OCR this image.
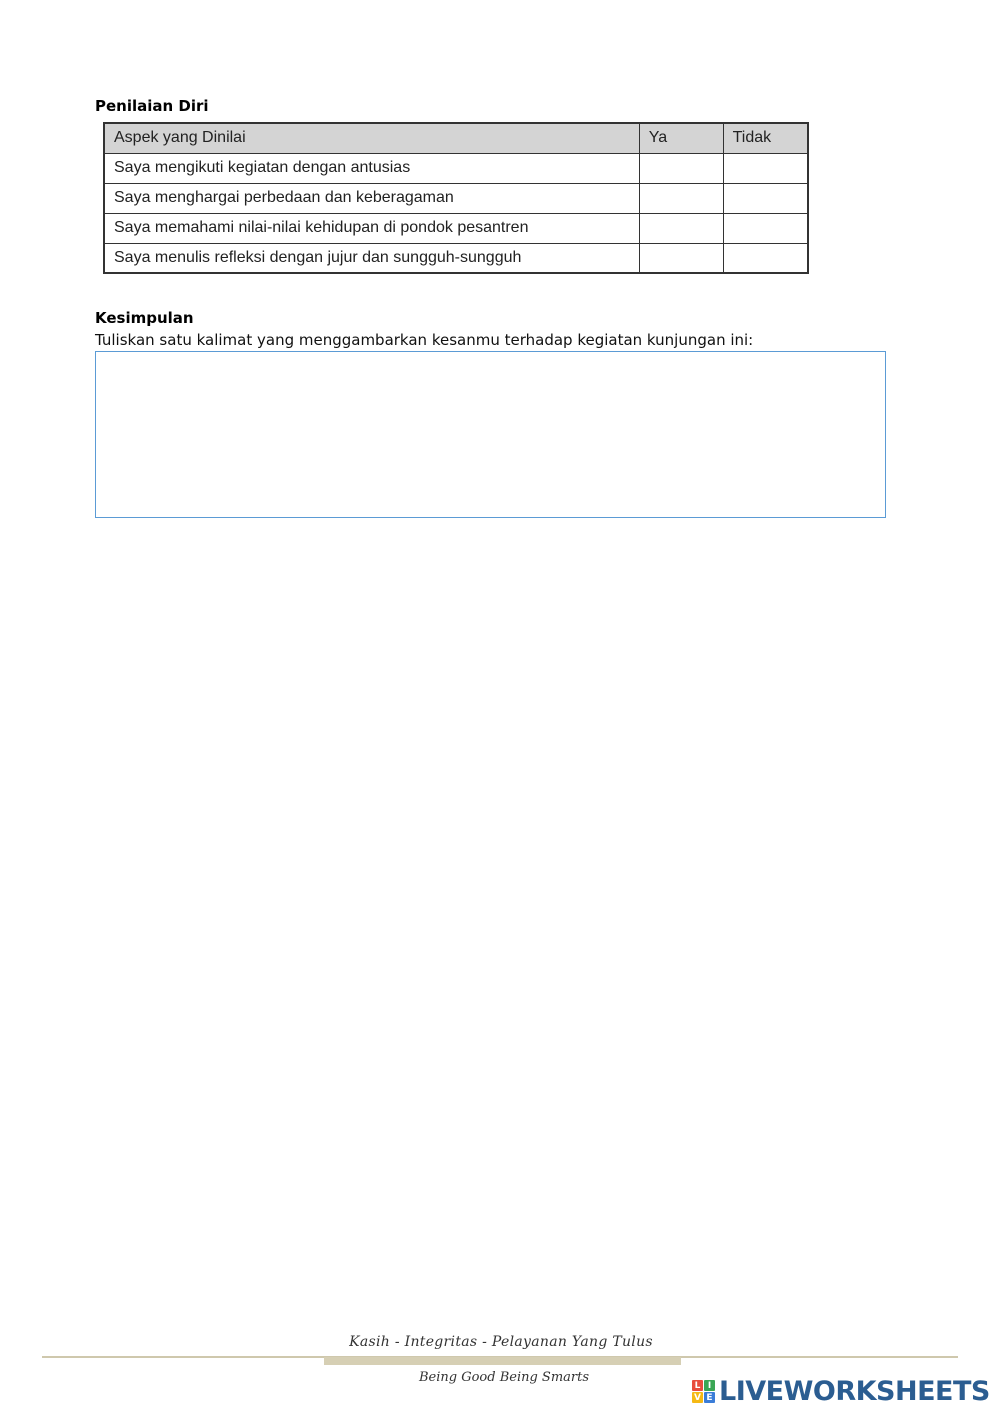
Penilaian Diri
Aspek yang Dinilai	Ya	Tidak
Saya mengikuti kegiatan dengan antusias		
Saya menghargai perbedaan dan keberagaman		
Saya memahami nilai-nilai kehidupan di pondok pesantren		
Saya menulis refleksi dengan jujur dan sungguh-sungguh		
Kesimpulan
Tuliskan satu kalimat yang menggambarkan kesanmu terhadap kegiatan kunjungan ini:
Kasih - Integritas - Pelayanan Yang Tulus
Being Good Being Smarts
L I
V E LIVEWORKSHEETS
